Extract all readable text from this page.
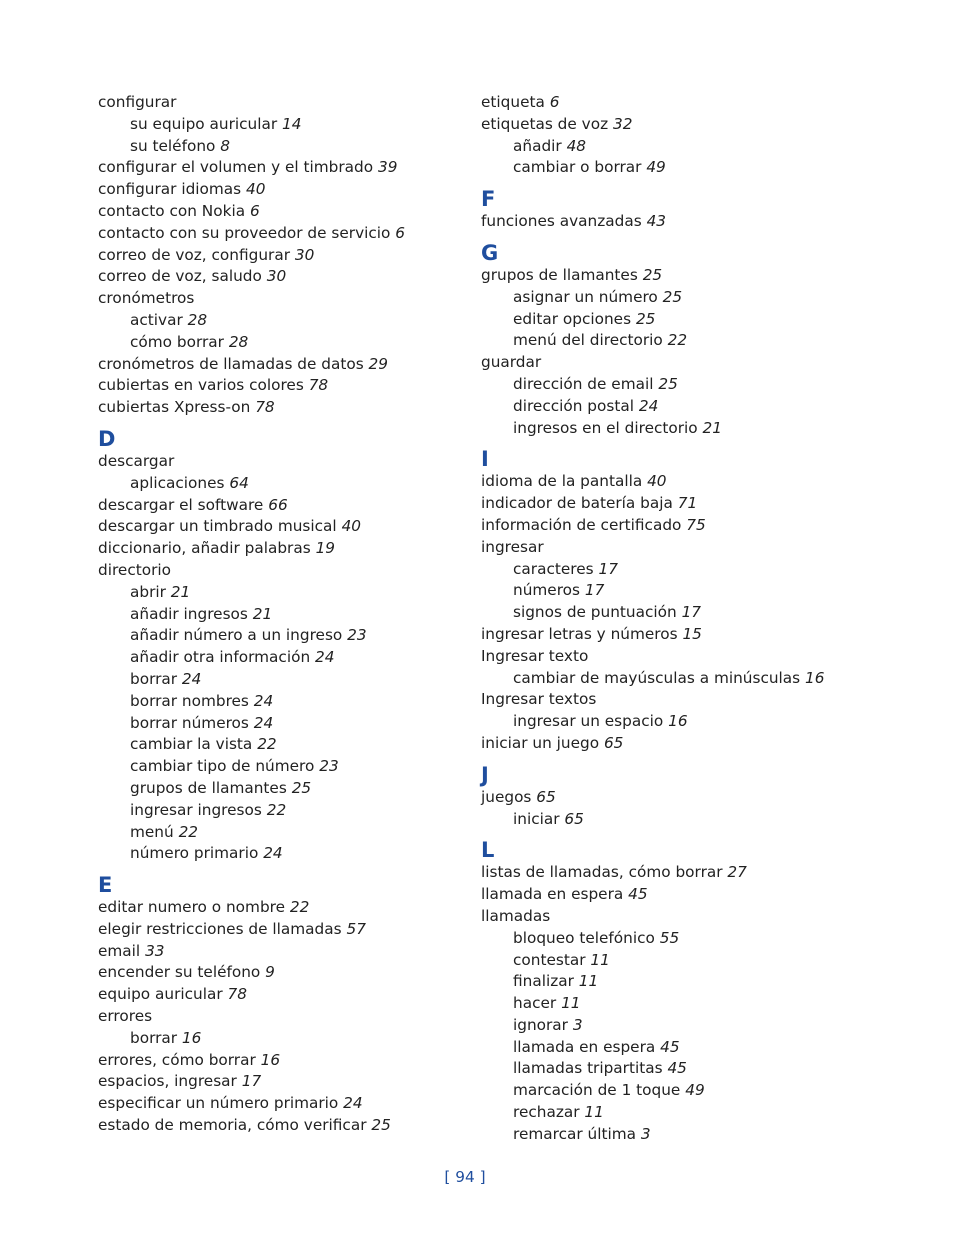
configurar
su equipo auricular 14
su teléfono 8
configurar el volumen y el timbrado 39
configurar idiomas 40
contacto con Nokia 6
contacto con su proveedor de servicio 6
correo de voz, configurar 30
correo de voz, saludo 30
cronómetros
activar 28
cómo borrar 28
cronómetros de llamadas de datos 29
cubiertas en varios colores 78
cubiertas Xpress-on 78
D
descargar
aplicaciones 64
descargar el software 66
descargar un timbrado musical 40
diccionario, añadir palabras 19
directorio
abrir 21
añadir ingresos 21
añadir número a un ingreso 23
añadir otra información 24
borrar 24
borrar nombres 24
borrar números 24
cambiar la vista 22
cambiar tipo de número 23
grupos de llamantes 25
ingresar ingresos 22
menú 22
número primario 24
E
editar numero o nombre 22
elegir restricciones de llamadas 57
email 33
encender su teléfono 9
equipo auricular 78
errores
borrar 16
errores, cómo borrar 16
espacios, ingresar 17
especificar un número primario 24
estado de memoria, cómo verificar 25
etiqueta 6
etiquetas de voz 32
añadir 48
cambiar o borrar 49
F
funciones avanzadas 43
G
grupos de llamantes 25
asignar un número 25
editar opciones 25
menú del directorio 22
guardar
dirección de email 25
dirección postal 24
ingresos en el directorio 21
I
idioma de la pantalla 40
indicador de batería baja 71
información de certificado 75
ingresar
caracteres 17
números 17
signos de puntuación 17
ingresar letras y números 15
Ingresar texto
cambiar de mayúsculas a minúsculas 16
Ingresar textos
ingresar un espacio 16
iniciar un juego 65
J
juegos 65
iniciar 65
L
listas de llamadas, cómo borrar 27
llamada en espera 45
llamadas
bloqueo telefónico 55
contestar 11
finalizar 11
hacer 11
ignorar 3
llamada en espera 45
llamadas tripartitas 45
marcación de 1 toque 49
rechazar 11
remarcar última 3
[ 94 ]
